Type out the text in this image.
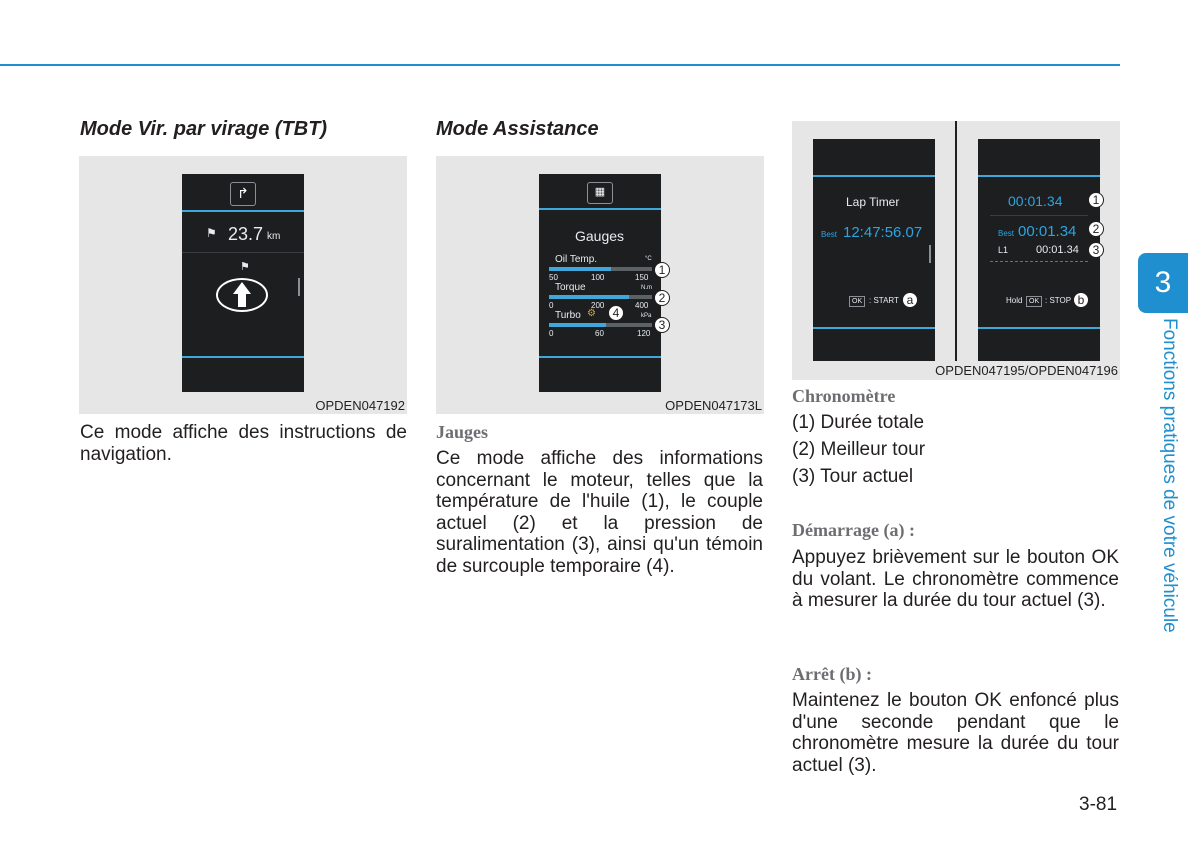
Mode Vir. par virage (TBT)
↱
⚑ 23.7 km
⚑
OPDEN047192
Ce mode affiche des instructions de navigation.
Mode Assistance
▦
Gauges
Oil Temp.	°C
50	100	150
Torque	N.m
0	200	400
Turbo ⚙	kPa
0	60	120
1
2
3
4
OPDEN047173L
Jauges
Ce mode affiche des informations concernant le moteur, telles que la température de l'huile (1), le couple actuel (2) et la pression de suralimentation (3), ainsi qu'un témoin de surcouple temporaire (4).
Lap Timer
Best 12:47:56.07
OK : START a
00:01.34
Best 00:01.34
L1	00:01.34
Hold OK : STOP
1
2
3
b
OPDEN047195/OPDEN047196
Chronomètre
(1) Durée totale
(2) Meilleur tour
(3) Tour actuel
Démarrage (a) :
Appuyez brièvement sur le bouton OK du volant. Le chronomètre commence à mesurer la durée du tour actuel (3).
Arrêt (b) :
Maintenez le bouton OK enfoncé plus d'une seconde pendant que le chronomètre mesure la durée du tour actuel (3).
3
Fonctions pratiques de votre véhicule
3-81
